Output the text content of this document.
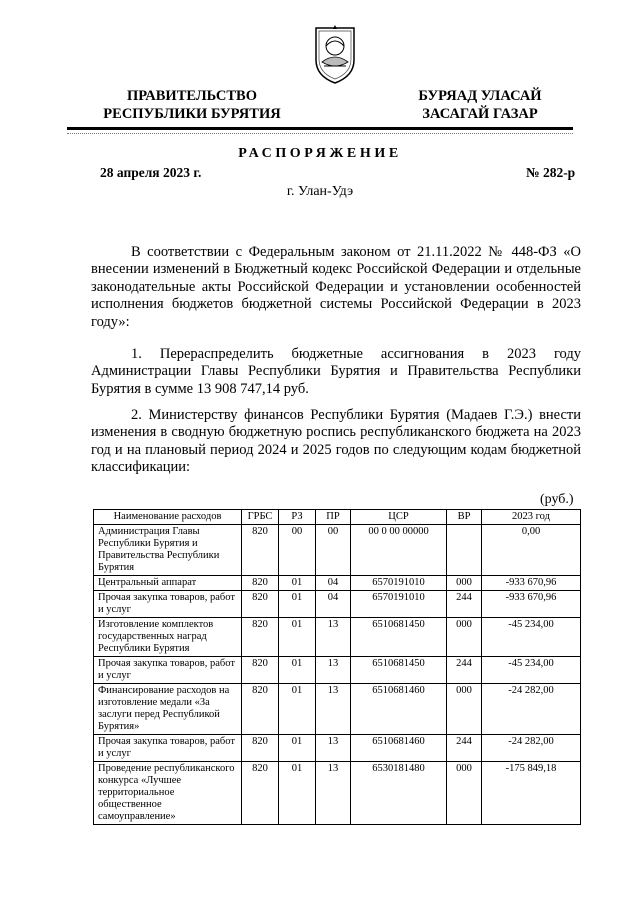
ПРАВИТЕЛЬСТВО
РЕСПУБЛИКИ БУРЯТИЯ
БУРЯАД УЛАСАЙ
ЗАСАГАЙ ГАЗАР
РАСПОРЯЖЕНИЕ
28 апреля 2023 г.	№ 282-р
г. Улан-Удэ

В соответствии с Федеральным законом от 21.11.2022 № 448-ФЗ «О внесении изменений в Бюджетный кодекс Российской Федерации и отдельные законодательные акты Российской Федерации и установлении особенностей исполнения бюджетов бюджетной системы Российской Федерации в 2023 году»:

1. Перераспределить бюджетные ассигнования в 2023 году Администрации Главы Республики Бурятия и Правительства Республики Бурятия в сумме 13 908 747,14 руб.

2. Министерству финансов Республики Бурятия (Мадаев Г.Э.) внести изменения в сводную бюджетную роспись республиканского бюджета на 2023 год и на плановый период 2024 и 2025 годов по следующим кодам бюджетной классификации:

(руб.)
Наименование расходов	ГРБС	РЗ	ПР	ЦСР	ВР	2023 год
Администрация Главы Республики Бурятия и Правительства Республики Бурятия	820	00	00	00 0 00 00000		0,00
Центральный аппарат	820	01	04	6570191010	000	-933 670,96
Прочая закупка товаров, работ и услуг	820	01	04	6570191010	244	-933 670,96
Изготовление комплектов государственных наград Республики Бурятия	820	01	13	6510681450	000	-45 234,00
Прочая закупка товаров, работ и услуг	820	01	13	6510681450	244	-45 234,00
Финансирование расходов на изготовление медали «За заслуги перед Республикой Бурятия»	820	01	13	6510681460	000	-24 282,00
Прочая закупка товаров, работ и услуг	820	01	13	6510681460	244	-24 282,00
Проведение республиканского конкурса «Лучшее территориальное общественное самоуправление»	820	01	13	6530181480	000	-175 849,18
